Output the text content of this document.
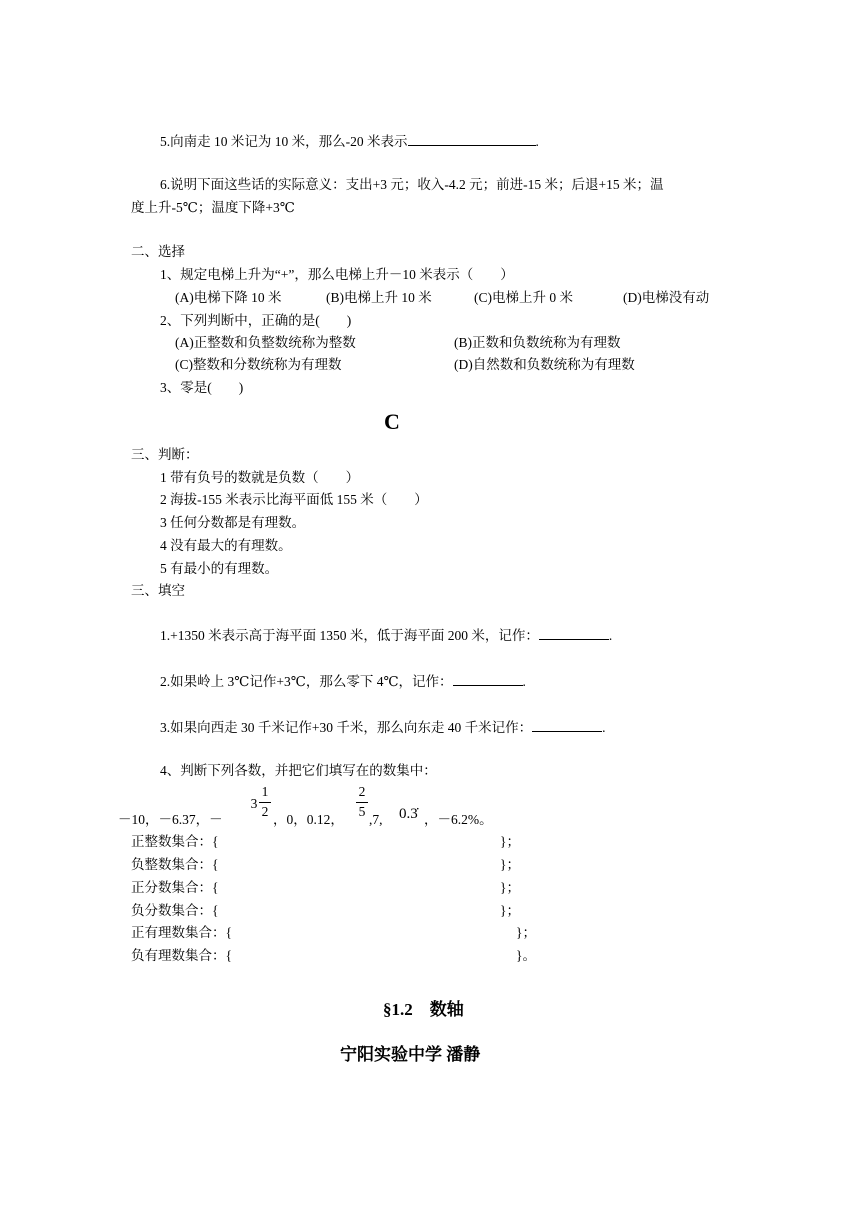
5.向南走 10 米记为 10 米，那么-20 米表示	.
6.说明下面这些话的实际意义：支出+3 元；收入-4.2 元；前进-15 米；后退+15 米；温
度上升-5℃；温度下降+3℃
二、选择
1、规定电梯上升为“+”，那么电梯上升－10 米表示（　　）
(A)电梯下降 10 米	(B)电梯上升 10 米	(C)电梯上升 0 米	(D)电梯没有动
2、下列判断中，正确的是(　　)
(A)正整数和负整数统称为整数	(B)正数和负数统称为有理数
(C)整数和分数统称为有理数	(D)自然数和负数统称为有理数
3、零是(　　)
C
三、判断：
1 带有负号的数就是负数（　　）
2 海拔-155 米表示比海平面低 155 米（　　）
3 任何分数都是有理数。
4 没有最大的有理数。
5 有最小的有理数。
三、填空
1.+1350 米表示高于海平面 1350 米，低于海平面 200 米，记作：	.
2.如果岭上 3℃记作+3℃，那么零下 4℃，记作：	.
3.如果向西走 30 千米记作+30 千米，那么向东走 40 千米记作：	.
4、判断下列各数，并把它们填写在的数集中：
－10，－6.37，－
3
1
2
，0，0.12，
2
5
,7, 0.3̇ ，－6.2%。
正整数集合：{	}；
负整数集合：{	}；
正分数集合：{	}；
负分数集合：{	}；
正有理数集合：{	}；
负有理数集合：{	}。
§1.2　数轴
宁阳实验中学 潘静
